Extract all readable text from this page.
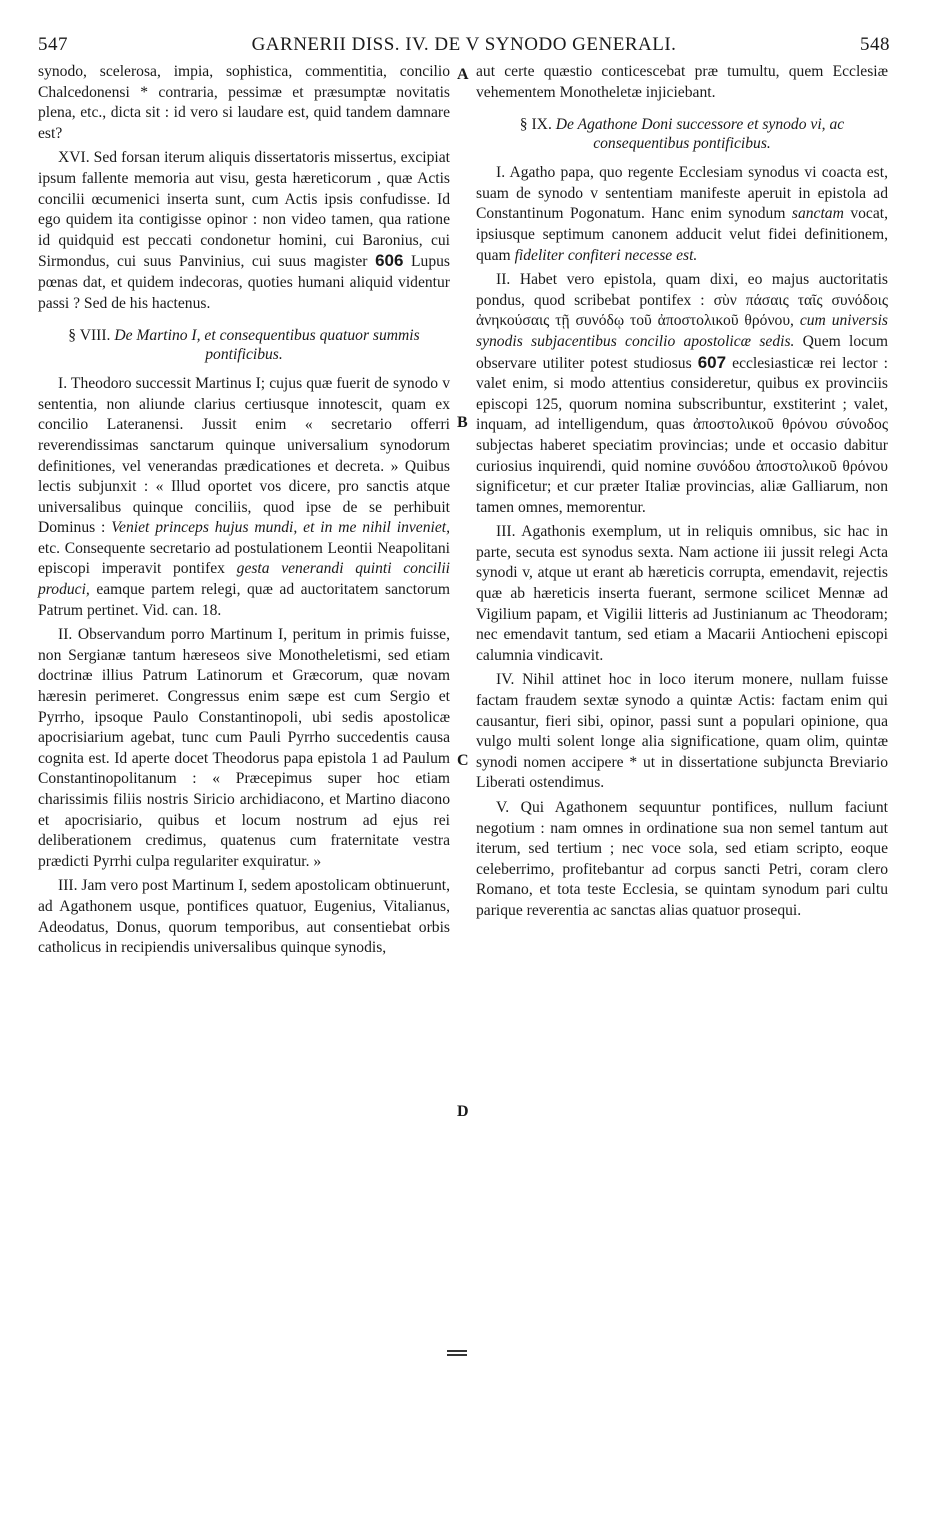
547	GARNERII DISS. IV. DE V SYNODO GENERALI.	548
A
B
C
D

synodo, scelerosa, impia, sophistica, commentitia, concilio Chalcedonensi * contraria, pessimæ et præsumptæ novitatis plena, etc., dicta sit : id vero si laudare est, quid tandem damnare est?

XVI. Sed forsan iterum aliquis dissertatoris missertus, excipiat ipsum fallente memoria aut visu, gesta hæreticorum , quæ Actis concilii œcumenici inserta sunt, cum Actis ipsis confudisse. Id ego quidem ita contigisse opinor : non video tamen, qua ratione id quidquid est peccati condonetur homini, cui Baronius, cui Sirmondus, cui suus Panvinius, cui suus magister 606 Lupus pœnas dat, et quidem indecoras, quoties humani aliquid videntur passi ? Sed de his hactenus.

§ VIII. De Martino I, et consequentibus quatuor summis pontificibus.

I. Theodoro successit Martinus I; cujus quæ fuerit de synodo v sententia, non aliunde clarius certiusque innotescit, quam ex concilio Lateranensi. Jussit enim « secretario offerri reverendissimas sanctarum quinque universalium synodorum definitiones, vel venerandas prædicationes et decreta. » Quibus lectis subjunxit : « Illud oportet vos dicere, pro sanctis atque universalibus quinque conciliis, quod ipse de se perhibuit Dominus : Veniet princeps hujus mundi, et in me nihil inveniet, etc. Consequente secretario ad postulationem Leontii Neapolitani episcopi imperavit pontifex gesta venerandi quinti concilii produci, eamque partem relegi, quæ ad auctoritatem sanctorum Patrum pertinet. Vid. can. 18.

II. Observandum porro Martinum I, peritum in primis fuisse, non Sergianæ tantum hæreseos sive Monotheletismi, sed etiam doctrinæ illius Patrum Latinorum et Græcorum, quæ novam hæresin perimeret. Congressus enim sæpe est cum Sergio et Pyrrho, ipsoque Paulo Constantinopoli, ubi sedis apostolicæ apocrisiarium agebat, tunc cum Pauli Pyrrho succedentis causa cognita est. Id aperte docet Theodorus papa epistola 1 ad Paulum Constantinopolitanum : « Præcepimus super hoc etiam charissimis filiis nostris Siricio archidiacono, et Martino diacono et apocrisiario, quibus et locum nostrum ad ejus rei deliberationem credimus, quatenus cum fraternitate vestra prædicti Pyrrhi culpa regulariter exquiratur. »

III. Jam vero post Martinum I, sedem apostolicam obtinuerunt, ad Agathonem usque, pontifices quatuor, Eugenius, Vitalianus, Adeodatus, Donus, quorum temporibus, aut consentiebat orbis catholicus in recipiendis universalibus quinque synodis,

aut certe quæstio conticescebat præ tumultu, quem Ecclesiæ vehementem Monotheletæ injiciebant.

§ IX. De Agathone Doni successore et synodo vi, ac consequentibus pontificibus.

I. Agatho papa, quo regente Ecclesiam synodus vi coacta est, suam de synodo v sententiam manifeste aperuit in epistola ad Constantinum Pogonatum. Hanc enim synodum sanctam vocat, ipsiusque septimum canonem adducit velut fidei definitionem, quam fideliter confiteri necesse est.

II. Habet vero epistola, quam dixi, eo majus auctoritatis pondus, quod scribebat pontifex : σὺν πάσαις ταῖς συνόδοις ἀνηκούσαις τῇ συνόδῳ τοῦ ἀποστολικοῦ θρόνου, cum universis synodis subjacentibus concilio apostolicæ sedis. Quem locum observare utiliter potest studiosus 607 ecclesiasticæ rei lector : valet enim, si modo attentius consideretur, quibus ex provinciis episcopi 125, quorum nomina subscribuntur, exstiterint ; valet, inquam, ad intelligendum, quas ἀποστολικοῦ θρόνου σύνοδος subjectas haberet speciatim provincias; unde et occasio dabitur curiosius inquirendi, quid nomine συνόδου ἀποστολικοῦ θρόνου significetur; et cur præter Italiæ provincias, aliæ Galliarum, non tamen omnes, memorentur.

III. Agathonis exemplum, ut in reliquis omnibus, sic hac in parte, secuta est synodus sexta. Nam actione iii jussit relegi Acta synodi v, atque ut erant ab hæreticis corrupta, emendavit, rejectis quæ ab hæreticis inserta fuerant, sermone scilicet Mennæ ad Vigilium papam, et Vigilii litteris ad Justinianum ac Theodoram; nec emendavit tantum, sed etiam a Macarii Antiocheni episcopi calumnia vindicavit.

IV. Nihil attinet hoc in loco iterum monere, nullam fuisse factam fraudem sextæ synodo a quintæ Actis: factam enim qui causantur, fieri sibi, opinor, passi sunt a populari opinione, qua vulgo multi solent longe alia significatione, quam olim, quintæ synodi nomen accipere * ut in dissertatione subjuncta Breviario Liberati ostendimus.

V. Qui Agathonem sequuntur pontifices, nullum faciunt negotium : nam omnes in ordinatione sua non semel tantum aut iterum, sed tertium ; nec voce sola, sed etiam scripto, eoque celeberrimo, profitebantur ad corpus sancti Petri, coram clero Romano, et tota teste Ecclesia, se quintam synodum pari cultu parique reverentia ac sanctas alias quatuor prosequi.
